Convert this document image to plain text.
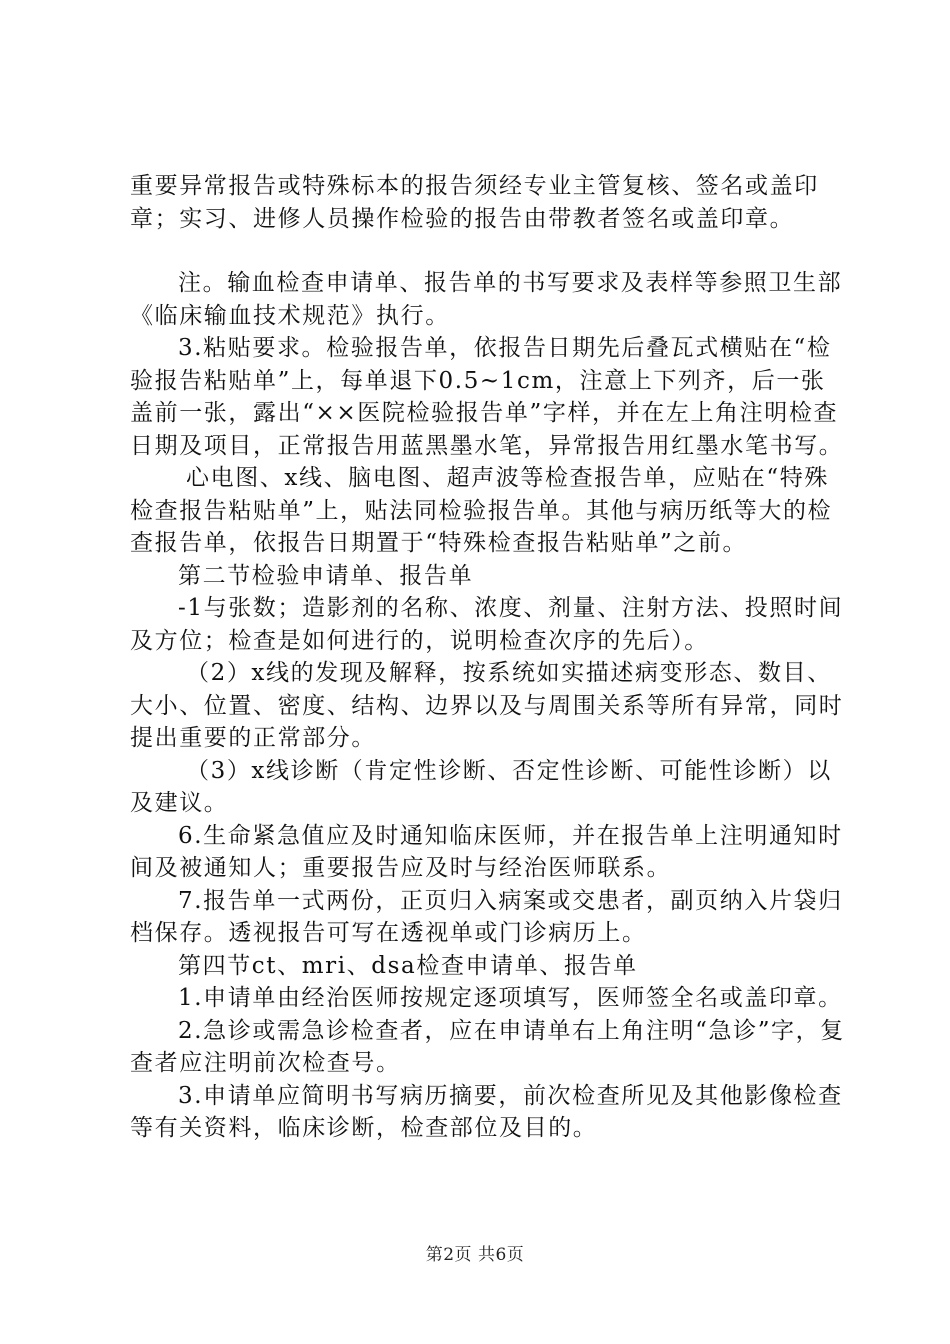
重要异常报告或特殊标本的报告须经专业主管复核、签名或盖印章；实习、进修人员操作检验的报告由带教者签名或盖印章。

注。输血检查申请单、报告单的书写要求及表样等参照卫生部《临床输血技术规范》执行。

3.粘贴要求。检验报告单，依报告日期先后叠瓦式横贴在“检验报告粘贴单”上，每单退下0.5~1cm，注意上下列齐，后一张盖前一张，露出“××医院检验报告单”字样，并在左上角注明检查日期及项目，正常报告用蓝黑墨水笔，异常报告用红墨水笔书写。

心电图、x线、脑电图、超声波等检查报告单，应贴在“特殊检查报告粘贴单”上，贴法同检验报告单。其他与病历纸等大的检查报告单，依报告日期置于“特殊检查报告粘贴单”之前。

第二节检验申请单、报告单

-1与张数；造影剂的名称、浓度、剂量、注射方法、投照时间及方位；检查是如何进行的，说明检查次序的先后）。

（2）x线的发现及解释，按系统如实描述病变形态、数目、大小、位置、密度、结构、边界以及与周围关系等所有异常，同时提出重要的正常部分。

（3）x线诊断（肯定性诊断、否定性诊断、可能性诊断）以及建议。

6.生命紧急值应及时通知临床医师，并在报告单上注明通知时间及被通知人；重要报告应及时与经治医师联系。

7.报告单一式两份，正页归入病案或交患者，副页纳入片袋归档保存。透视报告可写在透视单或门诊病历上。

第四节ct、mri、dsa检查申请单、报告单

1.申请单由经治医师按规定逐项填写，医师签全名或盖印章。

2.急诊或需急诊检查者，应在申请单右上角注明“急诊”字，复查者应注明前次检查号。

3.申请单应简明书写病历摘要，前次检查所见及其他影像检查等有关资料，临床诊断，检查部位及目的。

第2页 共6页
